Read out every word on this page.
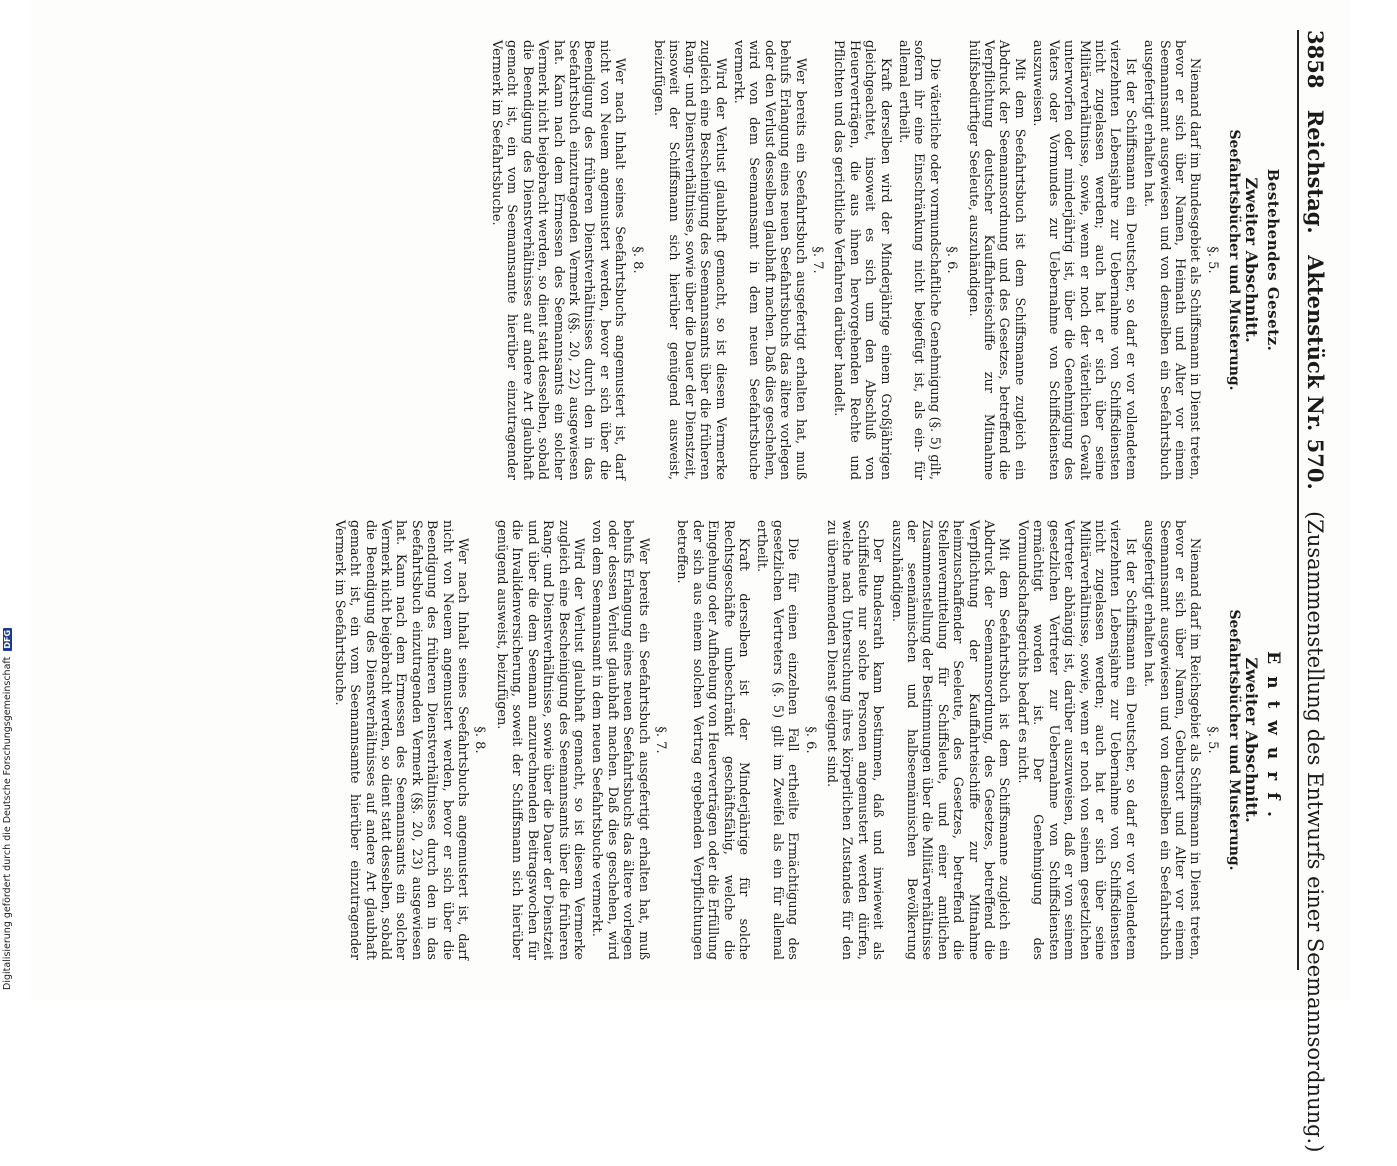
3858 Reichstag. Aktenstück Nr. 570. (Zusammenstellung des Entwurfs einer Seemannsordnung.)
Bestehendes Gesetz.
Zweiter Abschnitt.
Seefahrtsbücher und Musterung.
§. 5.
Niemand darf im Bundesgebiet als Schiffsmann in Dienst treten, bevor er sich über Namen, Heimath und Alter vor einem Seemannsamt ausgewiesen und von demselben ein Seefahrtsbuch ausgefertigt erhalten hat.
Ist der Schiffsmann ein Deutscher, so darf er vor vollendetem vierzehnten Lebensjahre zur Uebernahme von Schiffsdiensten nicht zugelassen werden; auch hat er sich über seine Militärverhältnisse, sowie, wenn er noch der väterlichen Gewalt unterworfen oder minderjährig ist, über die Genehmigung des Vaters oder Vormundes zur Uebernahme von Schiffsdiensten auszuweisen.
Mit dem Seefahrtsbuch ist dem Schiffsmanne zugleich ein Abdruck der Seemannsordnung und des Gesetzes, betreffend die Verpflichtung deutscher Kauffahrteischiffe zur Mitnahme hülfsbedürftiger Seeleute, auszuhändigen.
§. 6.
Die väterliche oder vormundschaftliche Genehmigung (§. 5) gilt, sofern ihr eine Einschränkung nicht beigefügt ist, als ein- für allemal ertheilt.
Kraft derselben wird der Minderjährige einem Großjährigen gleichgeachtet, insoweit es sich um den Abschluß von Heuerverträgen, die aus ihnen hervorgehenden Rechte und Pflichten und das gerichtliche Verfahren darüber handelt.
§. 7.
Wer bereits ein Seefahrtsbuch ausgefertigt erhalten hat, muß behufs Erlangung eines neuen Seefahrtsbuchs das ältere vorlegen oder den Verlust desselben glaubhaft machen. Daß dies geschehen, wird von dem Seemannsamt in dem neuen Seefahrtsbuche vermerkt.
Wird der Verlust glaubhaft gemacht, so ist diesem Vermerke zugleich eine Bescheinigung des Seemannsamts über die früheren Rang- und Dienstverhältnisse, sowie über die Dauer der Dienstzeit, insoweit der Schiffsmann sich hierüber genügend ausweist, beizufügen.
§. 8.
Wer nach Inhalt seines Seefahrtsbuchs angemustert ist, darf nicht von Neuem angemustert werden, bevor er sich über die Beendigung des früheren Dienstverhältnisses durch den in das Seefahrtsbuch einzutragenden Vermerk (§§. 20, 22) ausgewiesen hat. Kann nach dem Ermessen des Seemannsamts ein solcher Vermerk nicht beigebracht werden, so dient statt desselben, sobald die Beendigung des Dienstverhältnisses auf andere Art glaubhaft gemacht ist, ein vom Seemannsamte hierüber einzutragender Vermerk im Seefahrtsbuche.
Entwurf.
Zweiter Abschnitt.
Seefahrtsbücher und Musterung.
§. 5.
Niemand darf im Reichsgebiet als Schiffsmann in Dienst treten, bevor er sich über Namen, Geburtsort und Alter vor einem Seemannsamt ausgewiesen und von demselben ein Seefahrtsbuch ausgefertigt erhalten hat.
Ist der Schiffsmann ein Deutscher, so darf er vor vollendetem vierzehnten Lebensjahre zur Uebernahme von Schiffsdiensten nicht zugelassen werden; auch hat er sich über seine Militärverhältnisse, sowie, wenn er noch von seinem gesetzlichen Vertreter abhängig ist, darüber auszuweisen, daß er von seinem gesetzlichen Vertreter zur Uebernahme von Schiffsdiensten ermächtigt worden ist. Der Genehmigung des Vormundschaftsgerichts bedarf es nicht.
Mit dem Seefahrtsbuch ist dem Schiffsmanne zugleich ein Abdruck der Seemannsordnung, des Gesetzes, betreffend die Verpflichtung der Kauffahrteischiffe zur Mitnahme heimzuschaffender Seeleute, des Gesetzes, betreffend die Stellenvermittelung für Schiffsleute, und einer amtlichen Zusammenstellung der Bestimmungen über die Militärverhältnisse der seemännischen und halbseemännischen Bevölkerung auszuhändigen.
Der Bundesrath kann bestimmen, daß und inwieweit als Schiffsleute nur solche Personen angemustert werden dürfen, welche nach Untersuchung ihres körperlichen Zustandes für den zu übernehmenden Dienst geeignet sind.
§. 6.
Die für einen einzelnen Fall ertheilte Ermächtigung des gesetzlichen Vertreters (§. 5) gilt im Zweifel als ein für allemal ertheilt.
Kraft derselben ist der Minderjährige für solche Rechtsgeschäfte unbeschränkt geschäftsfähig, welche die Eingehung oder Aufhebung von Heuerverträgen oder die Erfüllung der sich aus einem solchen Vertrag ergebenden Verpflichtungen betreffen.
§. 7.
Wer bereits ein Seefahrtsbuch ausgefertigt erhalten hat, muß behufs Erlangung eines neuen Seefahrtsbuchs das ältere vorlegen oder dessen Verlust glaubhaft machen. Daß dies geschehen, wird von dem Seemannsamt in dem neuen Seefahrtsbuche vermerkt.
Wird der Verlust glaubhaft gemacht, so ist diesem Vermerke zugleich eine Bescheinigung des Seemannsamts über die früheren Rang- und Dienstverhältnisse, sowie über die Dauer der Dienstzeit und über die dem Seemann anzurechnenden Beitragswochen für die Invalidenversicherung, soweit der Schiffsmann sich hierüber genügend ausweist, beizufügen.
§. 8.
Wer nach Inhalt seines Seefahrtsbuchs angemustert ist, darf nicht von Neuem angemustert werden, bevor er sich über die Beendigung des früheren Dienstverhältnisses durch den in das Seefahrtsbuch einzutragenden Vermerk (§§. 20, 23) ausgewiesen hat. Kann nach dem Ermessen des Seemannsamts ein solcher Vermerk nicht beigebracht werden, so dient statt desselben, sobald die Beendigung des Dienstverhältnisses auf andere Art glaubhaft gemacht ist, ein vom Seemannsamte hierüber einzutragender Vermerk im Seefahrtsbuche.
Digitalisierung gefördert durch die Deutsche Forschungsgemeinschaft DFG
